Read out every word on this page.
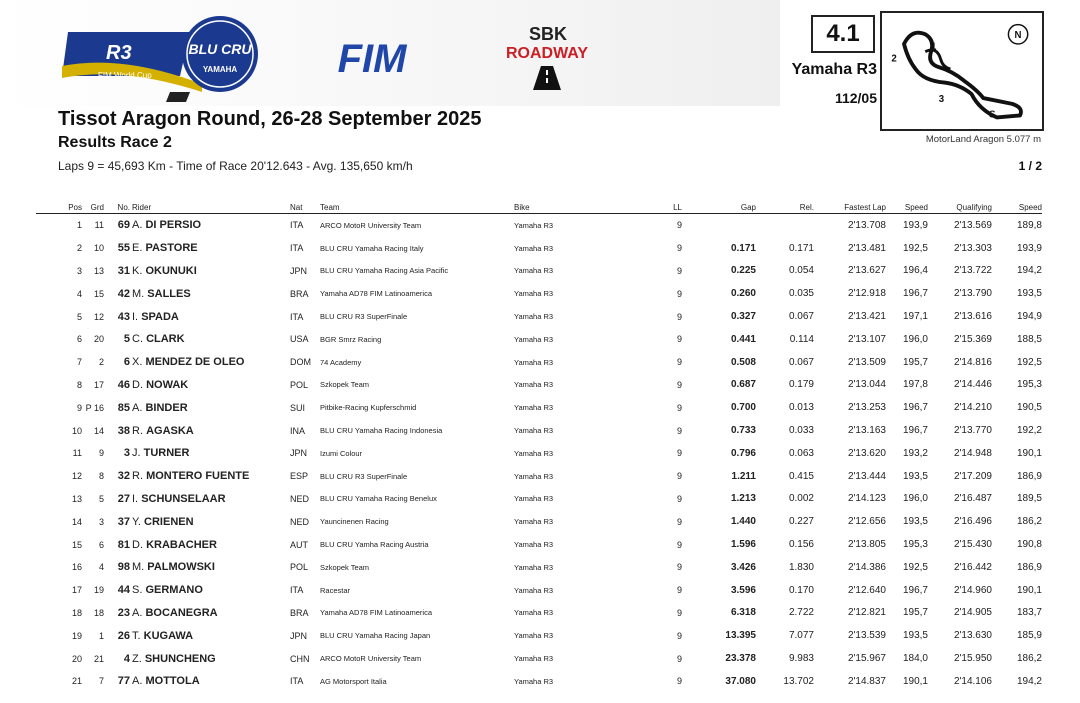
R3
FIM World Cup
BLU CRU
YAMAHA	FIM
SBK
ROADWAY
4.1
Yamaha R3
112/05
1
2
3
S
N
MotorLand Aragon 5.077 m
Tissot Aragon Round, 26-28 September 2025
Results Race 2
Laps 9 = 45,693 Km - Time of Race 20'12.643 - Avg. 135,650 km/h	1 / 2
Pos	Grd	No.	Rider	Nat	Team	Bike	LL	Gap	Rel.	Fastest Lap	Speed	Qualifying	Speed
1	11	69	A. DI PERSIO	ITA	ARCO MotoR University Team	Yamaha R3	9			2'13.708	193,9	2'13.569	189,8
2	10	55	E. PASTORE	ITA	BLU CRU Yamaha Racing Italy	Yamaha R3	9	0.171	0.171	2'13.481	192,5	2'13.303	193,9
3	13	31	K. OKUNUKI	JPN	BLU CRU Yamaha Racing Asia Pacific	Yamaha R3	9	0.225	0.054	2'13.627	196,4	2'13.722	194,2
4	15	42	M. SALLES	BRA	Yamaha AD78 FIM Latinoamerica	Yamaha R3	9	0.260	0.035	2'12.918	196,7	2'13.790	193,5
5	12	43	I. SPADA	ITA	BLU CRU R3 SuperFinale	Yamaha R3	9	0.327	0.067	2'13.421	197,1	2'13.616	194,9
6	20	5	C. CLARK	USA	BGR Smrz Racing	Yamaha R3	9	0.441	0.114	2'13.107	196,0	2'15.369	188,5
7	2	6	X. MENDEZ DE OLEO	DOM	74 Academy	Yamaha R3	9	0.508	0.067	2'13.509	195,7	2'14.816	192,5
8	17	46	D. NOWAK	POL	Szkopek Team	Yamaha R3	9	0.687	0.179	2'13.044	197,8	2'14.446	195,3
9	P 16	85	A. BINDER	SUI	Pitbike-Racing Kupferschmid	Yamaha R3	9	0.700	0.013	2'13.253	196,7	2'14.210	190,5
10	14	38	R. AGASKA	INA	BLU CRU Yamaha Racing Indonesia	Yamaha R3	9	0.733	0.033	2'13.163	196,7	2'13.770	192,2
11	9	3	J. TURNER	JPN	Izumi Colour	Yamaha R3	9	0.796	0.063	2'13.620	193,2	2'14.948	190,1
12	8	32	R. MONTERO FUENTE	ESP	BLU CRU R3 SuperFinale	Yamaha R3	9	1.211	0.415	2'13.444	193,5	2'17.209	186,9
13	5	27	I. SCHUNSELAAR	NED	BLU CRU Yamaha Racing Benelux	Yamaha R3	9	1.213	0.002	2'14.123	196,0	2'16.487	189,5
14	3	37	Y. CRIENEN	NED	Yauncinenen Racing	Yamaha R3	9	1.440	0.227	2'12.656	193,5	2'16.496	186,2
15	6	81	D. KRABACHER	AUT	BLU CRU Yamha Racing Austria	Yamaha R3	9	1.596	0.156	2'13.805	195,3	2'15.430	190,8
16	4	98	M. PALMOWSKI	POL	Szkopek Team	Yamaha R3	9	3.426	1.830	2'14.386	192,5	2'16.442	186,9
17	19	44	S. GERMANO	ITA	Racestar	Yamaha R3	9	3.596	0.170	2'12.640	196,7	2'14.960	190,1
18	18	23	A. BOCANEGRA	BRA	Yamaha AD78 FIM Latinoamerica	Yamaha R3	9	6.318	2.722	2'12.821	195,7	2'14.905	183,7
19	1	26	T. KUGAWA	JPN	BLU CRU Yamaha Racing Japan	Yamaha R3	9	13.395	7.077	2'13.539	193,5	2'13.630	185,9
20	21	4	Z. SHUNCHENG	CHN	ARCO MotoR University Team	Yamaha R3	9	23.378	9.983	2'15.967	184,0	2'15.950	186,2
21	7	77	A. MOTTOLA	ITA	AG Motorsport Italia	Yamaha R3	9	37.080	13.702	2'14.837	190,1	2'14.106	194,2
